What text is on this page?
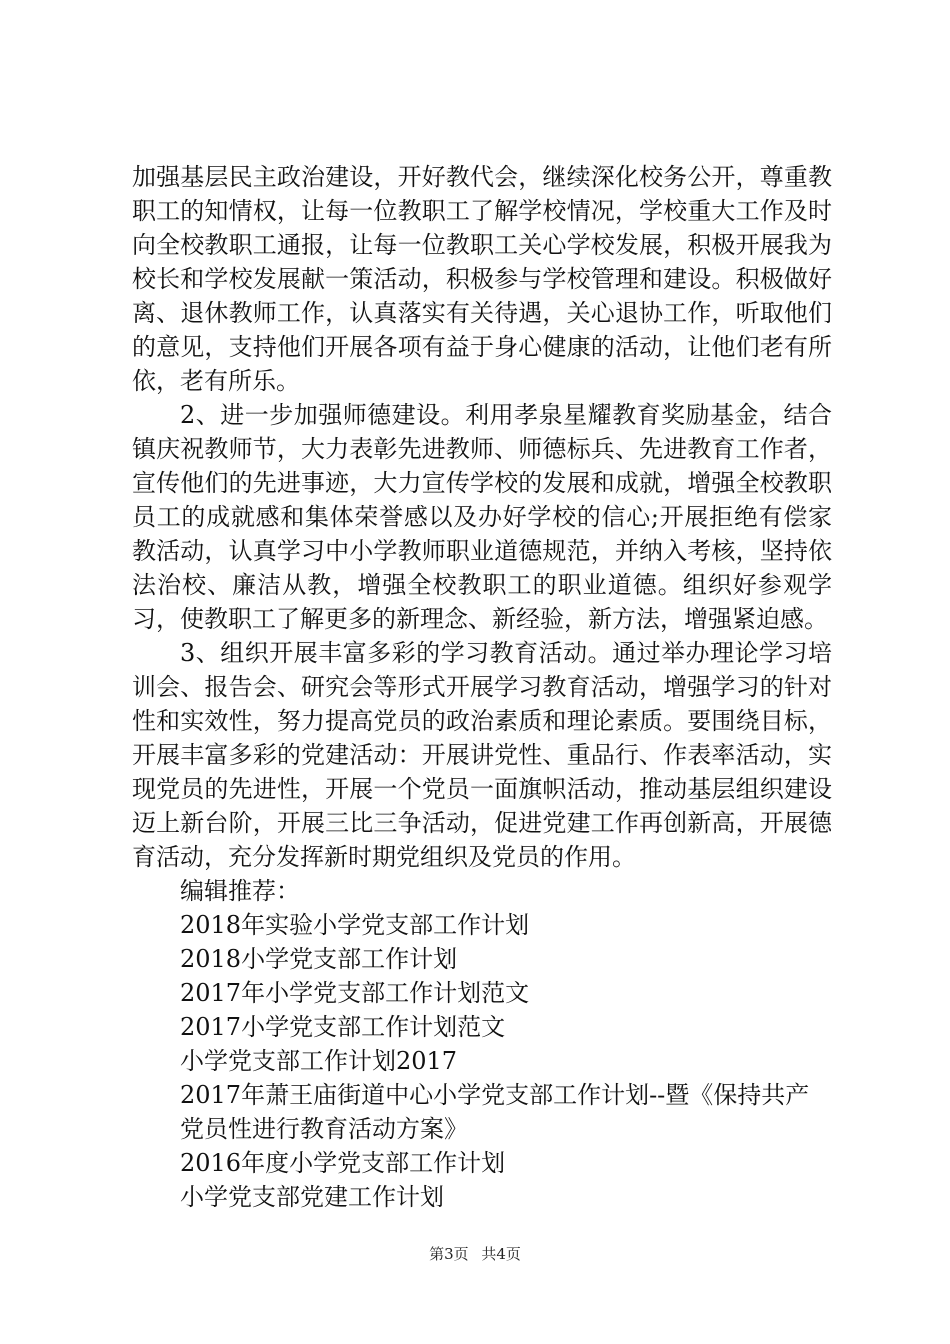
加强基层民主政治建设，开好教代会，继续深化校务公开，尊重教职工的知情权，让每一位教职工了解学校情况，学校重大工作及时向全校教职工通报，让每一位教职工关心学校发展，积极开展我为校长和学校发展献一策活动，积极参与学校管理和建设。积极做好离、退休教师工作，认真落实有关待遇，关心退协工作，听取他们的意见，支持他们开展各项有益于身心健康的活动，让他们老有所依，老有所乐。

2、进一步加强师德建设。利用孝泉星耀教育奖励基金，结合镇庆祝教师节，大力表彰先进教师、师德标兵、先进教育工作者，宣传他们的先进事迹，大力宣传学校的发展和成就，增强全校教职员工的成就感和集体荣誉感以及办好学校的信心;开展拒绝有偿家教活动，认真学习中小学教师职业道德规范，并纳入考核，坚持依法治校、廉洁从教，增强全校教职工的职业道德。组织好参观学习，使教职工了解更多的新理念、新经验，新方法，增强紧迫感。

3、组织开展丰富多彩的学习教育活动。通过举办理论学习培训会、报告会、研究会等形式开展学习教育活动，增强学习的针对性和实效性，努力提高党员的政治素质和理论素质。要围绕目标，开展丰富多彩的党建活动：开展讲党性、重品行、作表率活动，实现党员的先进性，开展一个党员一面旗帜活动，推动基层组织建设迈上新台阶，开展三比三争活动，促进党建工作再创新高，开展德育活动，充分发挥新时期党组织及党员的作用。

编辑推荐：

2018年实验小学党支部工作计划
2018小学党支部工作计划
2017年小学党支部工作计划范文
2017小学党支部工作计划范文
小学党支部工作计划2017
2017年萧王庙街道中心小学党支部工作计划--暨《保持共产党员性进行教育活动方案》
2016年度小学党支部工作计划
小学党支部党建工作计划
第3页 共4页
